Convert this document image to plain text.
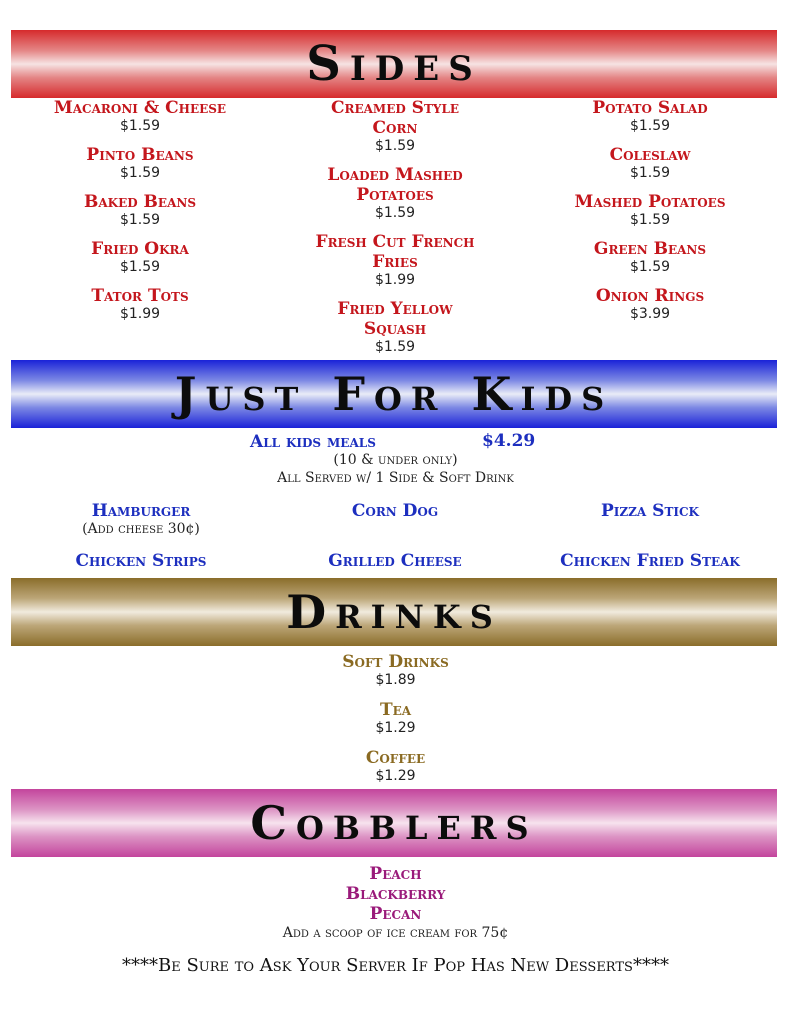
Sides
Macaroni & Cheese
$1.59
Pinto Beans
$1.59
Baked Beans
$1.59
Fried Okra
$1.59
Tator Tots
$1.99
Creamed Style Corn
$1.59
Loaded Mashed Potatoes
$1.59
Fresh Cut French Fries
$1.99
Fried Yellow Squash
$1.59
Potato Salad
$1.59
Coleslaw
$1.59
Mashed Potatoes
$1.59
Green Beans
$1.59
Onion Rings
$3.99
Just For Kids
All kids meals	$4.29
(10 & under only)
All Served w/ 1 Side & Soft Drink
Hamburger
(Add cheese 30¢)
Corn Dog	Pizza Stick
Chicken Strips	Grilled Cheese	Chicken Fried Steak
Drinks
Soft Drinks
$1.89
Tea
$1.29
Coffee
$1.29
Cobblers
Peach
Blackberry
Pecan
Add a scoop of ice cream for 75¢
****Be Sure to Ask Your Server If Pop Has New Desserts****
